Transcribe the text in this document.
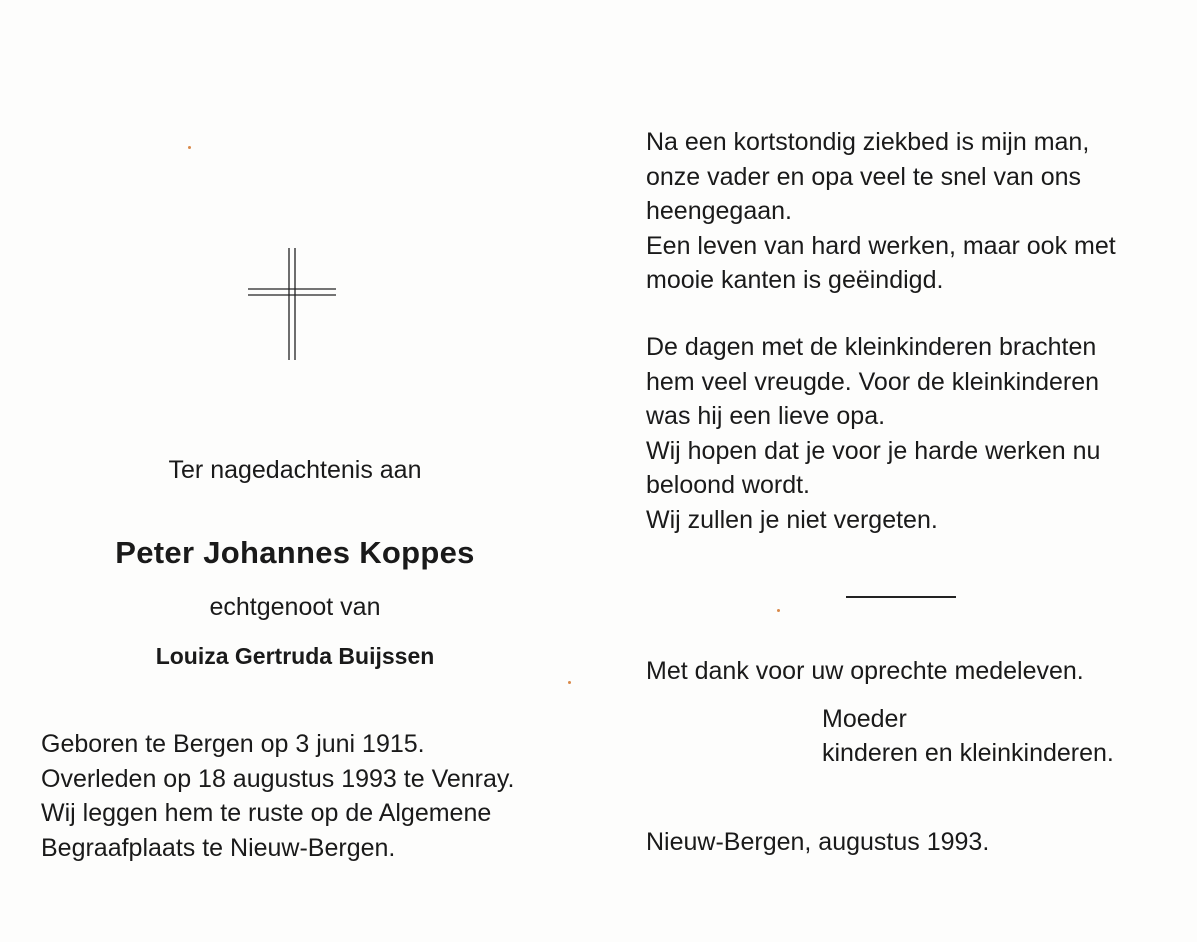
Ter nagedachtenis aan
Peter Johannes Koppes
echtgenoot van
Louiza Gertruda Buijssen

Geboren te Bergen op 3 juni 1915.

Overleden op 18 augustus 1993 te Venray.

Wij leggen hem te ruste op de Algemene

Begraafplaats te Nieuw-Bergen.

Na een kortstondig ziekbed is mijn man,

onze vader en opa veel te snel van ons

heengegaan.

Een leven van hard werken, maar ook met

mooie kanten is geëindigd.

De dagen met de kleinkinderen brachten

hem veel vreugde. Voor de kleinkinderen

was hij een lieve opa.

Wij hopen dat je voor je harde werken nu

beloond wordt.

Wij zullen je niet vergeten.

Met dank voor uw oprechte medeleven.
Moeder
kinderen en kleinkinderen.
Nieuw-Bergen, augustus 1993.
